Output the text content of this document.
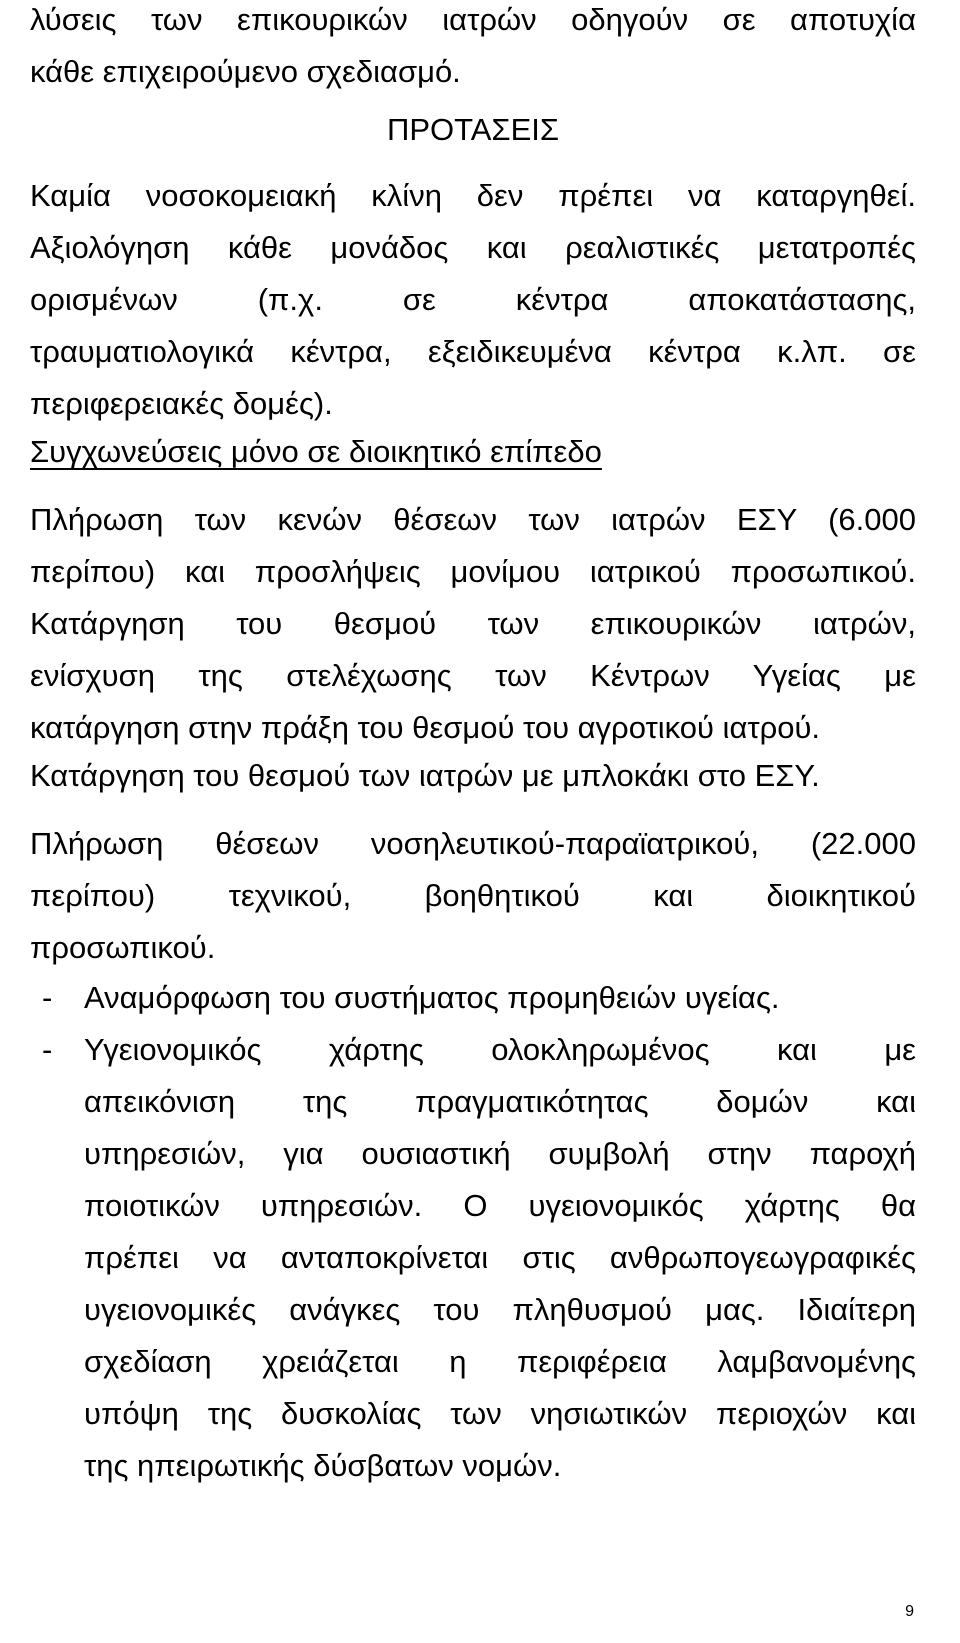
λύσεις των επικουρικών ιατρών οδηγούν σε αποτυχία

κάθε επιχειρούμενο σχεδιασμό.

ΠΡΟΤΑΣΕΙΣ

Καμία νοσοκομειακή κλίνη δεν πρέπει να καταργηθεί.

Αξιολόγηση κάθε μονάδος και ρεαλιστικές μετατροπές

ορισμένων (π.χ. σε κέντρα αποκατάστασης,

τραυματιολογικά κέντρα, εξειδικευμένα κέντρα κ.λπ. σε

περιφερειακές δομές).

Συγχωνεύσεις μόνο σε διοικητικό επίπεδο

Πλήρωση των κενών θέσεων των ιατρών ΕΣΥ (6.000

περίπου) και προσλήψεις μονίμου ιατρικού προσωπικού.

Κατάργηση του θεσμού των επικουρικών ιατρών,

ενίσχυση της στελέχωσης των Κέντρων Υγείας με

κατάργηση στην πράξη του θεσμού του αγροτικού ιατρού.

Κατάργηση του θεσμού των ιατρών με μπλοκάκι στο ΕΣΥ.

Πλήρωση θέσεων νοσηλευτικού-παραϊατρικού, (22.000

περίπου) τεχνικού, βοηθητικού και διοικητικού

προσωπικού.

- Αναμόρφωση του συστήματος προμηθειών υγείας.

- Υγειονομικός χάρτης ολοκληρωμένος και με

απεικόνιση της πραγματικότητας δομών και

υπηρεσιών, για ουσιαστική συμβολή στην παροχή

ποιοτικών υπηρεσιών. Ο υγειονομικός χάρτης θα

πρέπει να ανταποκρίνεται στις ανθρωπογεωγραφικές

υγειονομικές ανάγκες του πληθυσμού μας. Ιδιαίτερη

σχεδίαση χρειάζεται η περιφέρεια λαμβανομένης

υπόψη της δυσκολίας των νησιωτικών περιοχών και

της ηπειρωτικής δύσβατων νομών.

9
